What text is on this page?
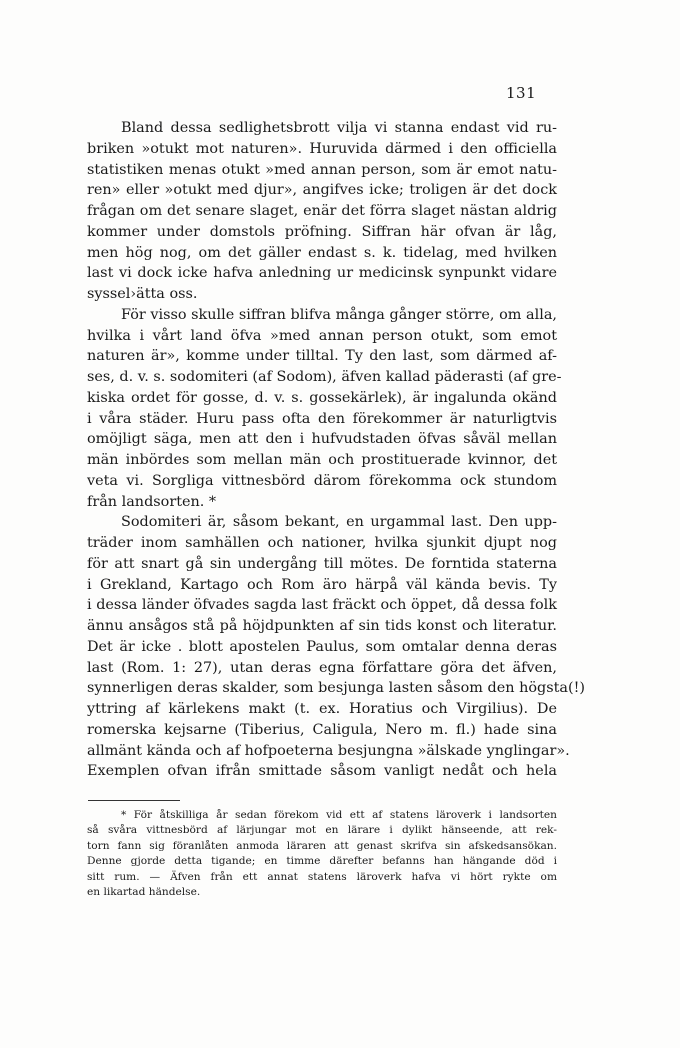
131
Bland dessa sedlighetsbrott vilja vi stanna endast vid ru-
briken »otukt mot naturen». Huruvida därmed i den officiella
statistiken menas otukt »med annan person, som är emot natu-
ren» eller »otukt med djur», angifves icke; troligen är det dock
frågan om det senare slaget, enär det förra slaget nästan aldrig
kommer under domstols pröfning. Siffran här ofvan är låg,
men hög nog, om det gäller endast s. k. tidelag, med hvilken
last vi dock icke hafva anledning ur medicinsk synpunkt vidare
syssel›ätta oss.
För visso skulle siffran blifva många gånger större, om alla,
hvilka i vårt land öfva »med annan person otukt, som emot
naturen är», komme under tilltal. Ty den last, som därmed af-
ses, d. v. s. sodomiteri (af Sodom), äfven kallad päderasti (af gre-
kiska ordet för gosse, d. v. s. gossekärlek), är ingalunda okänd
i våra städer. Huru pass ofta den förekommer är naturligtvis
omöjligt säga, men att den i hufvudstaden öfvas såväl mellan
män inbördes som mellan män och prostituerade kvinnor, det
veta vi. Sorgliga vittnesbörd därom förekomma ock stundom
från landsorten. *
Sodomiteri är, såsom bekant, en urgammal last. Den upp-
träder inom samhällen och nationer, hvilka sjunkit djupt nog
för att snart gå sin undergång till mötes. De forntida staterna
i Grekland, Kartago och Rom äro härpå väl kända bevis. Ty
i dessa länder öfvades sagda last fräckt och öppet, då dessa folk
ännu ansågos stå på höjdpunkten af sin tids konst och literatur.
Det är icke . blott apostelen Paulus, som omtalar denna deras
last (Rom. 1: 27), utan deras egna författare göra det äfven,
synnerligen deras skalder, som besjunga lasten såsom den högsta(!)
yttring af kärlekens makt (t. ex. Horatius och Virgilius). De
romerska kejsarne (Tiberius, Caligula, Nero m. fl.) hade sina
allmänt kända och af hofpoeterna besjungna »älskade ynglingar».
Exemplen ofvan ifrån smittade såsom vanligt nedåt och hela
* För åtskilliga år sedan förekom vid ett af statens läroverk i landsorten
så svåra vittnesbörd af lärjungar mot en lärare i dylikt hänseende, att rek-
torn fann sig föranlåten anmoda läraren att genast skrifva sin afskedsansökan.
Denne gjorde detta tigande; en timme därefter befanns han hängande död i
sitt rum. — Äfven från ett annat statens läroverk hafva vi hört rykte om
en likartad händelse.
